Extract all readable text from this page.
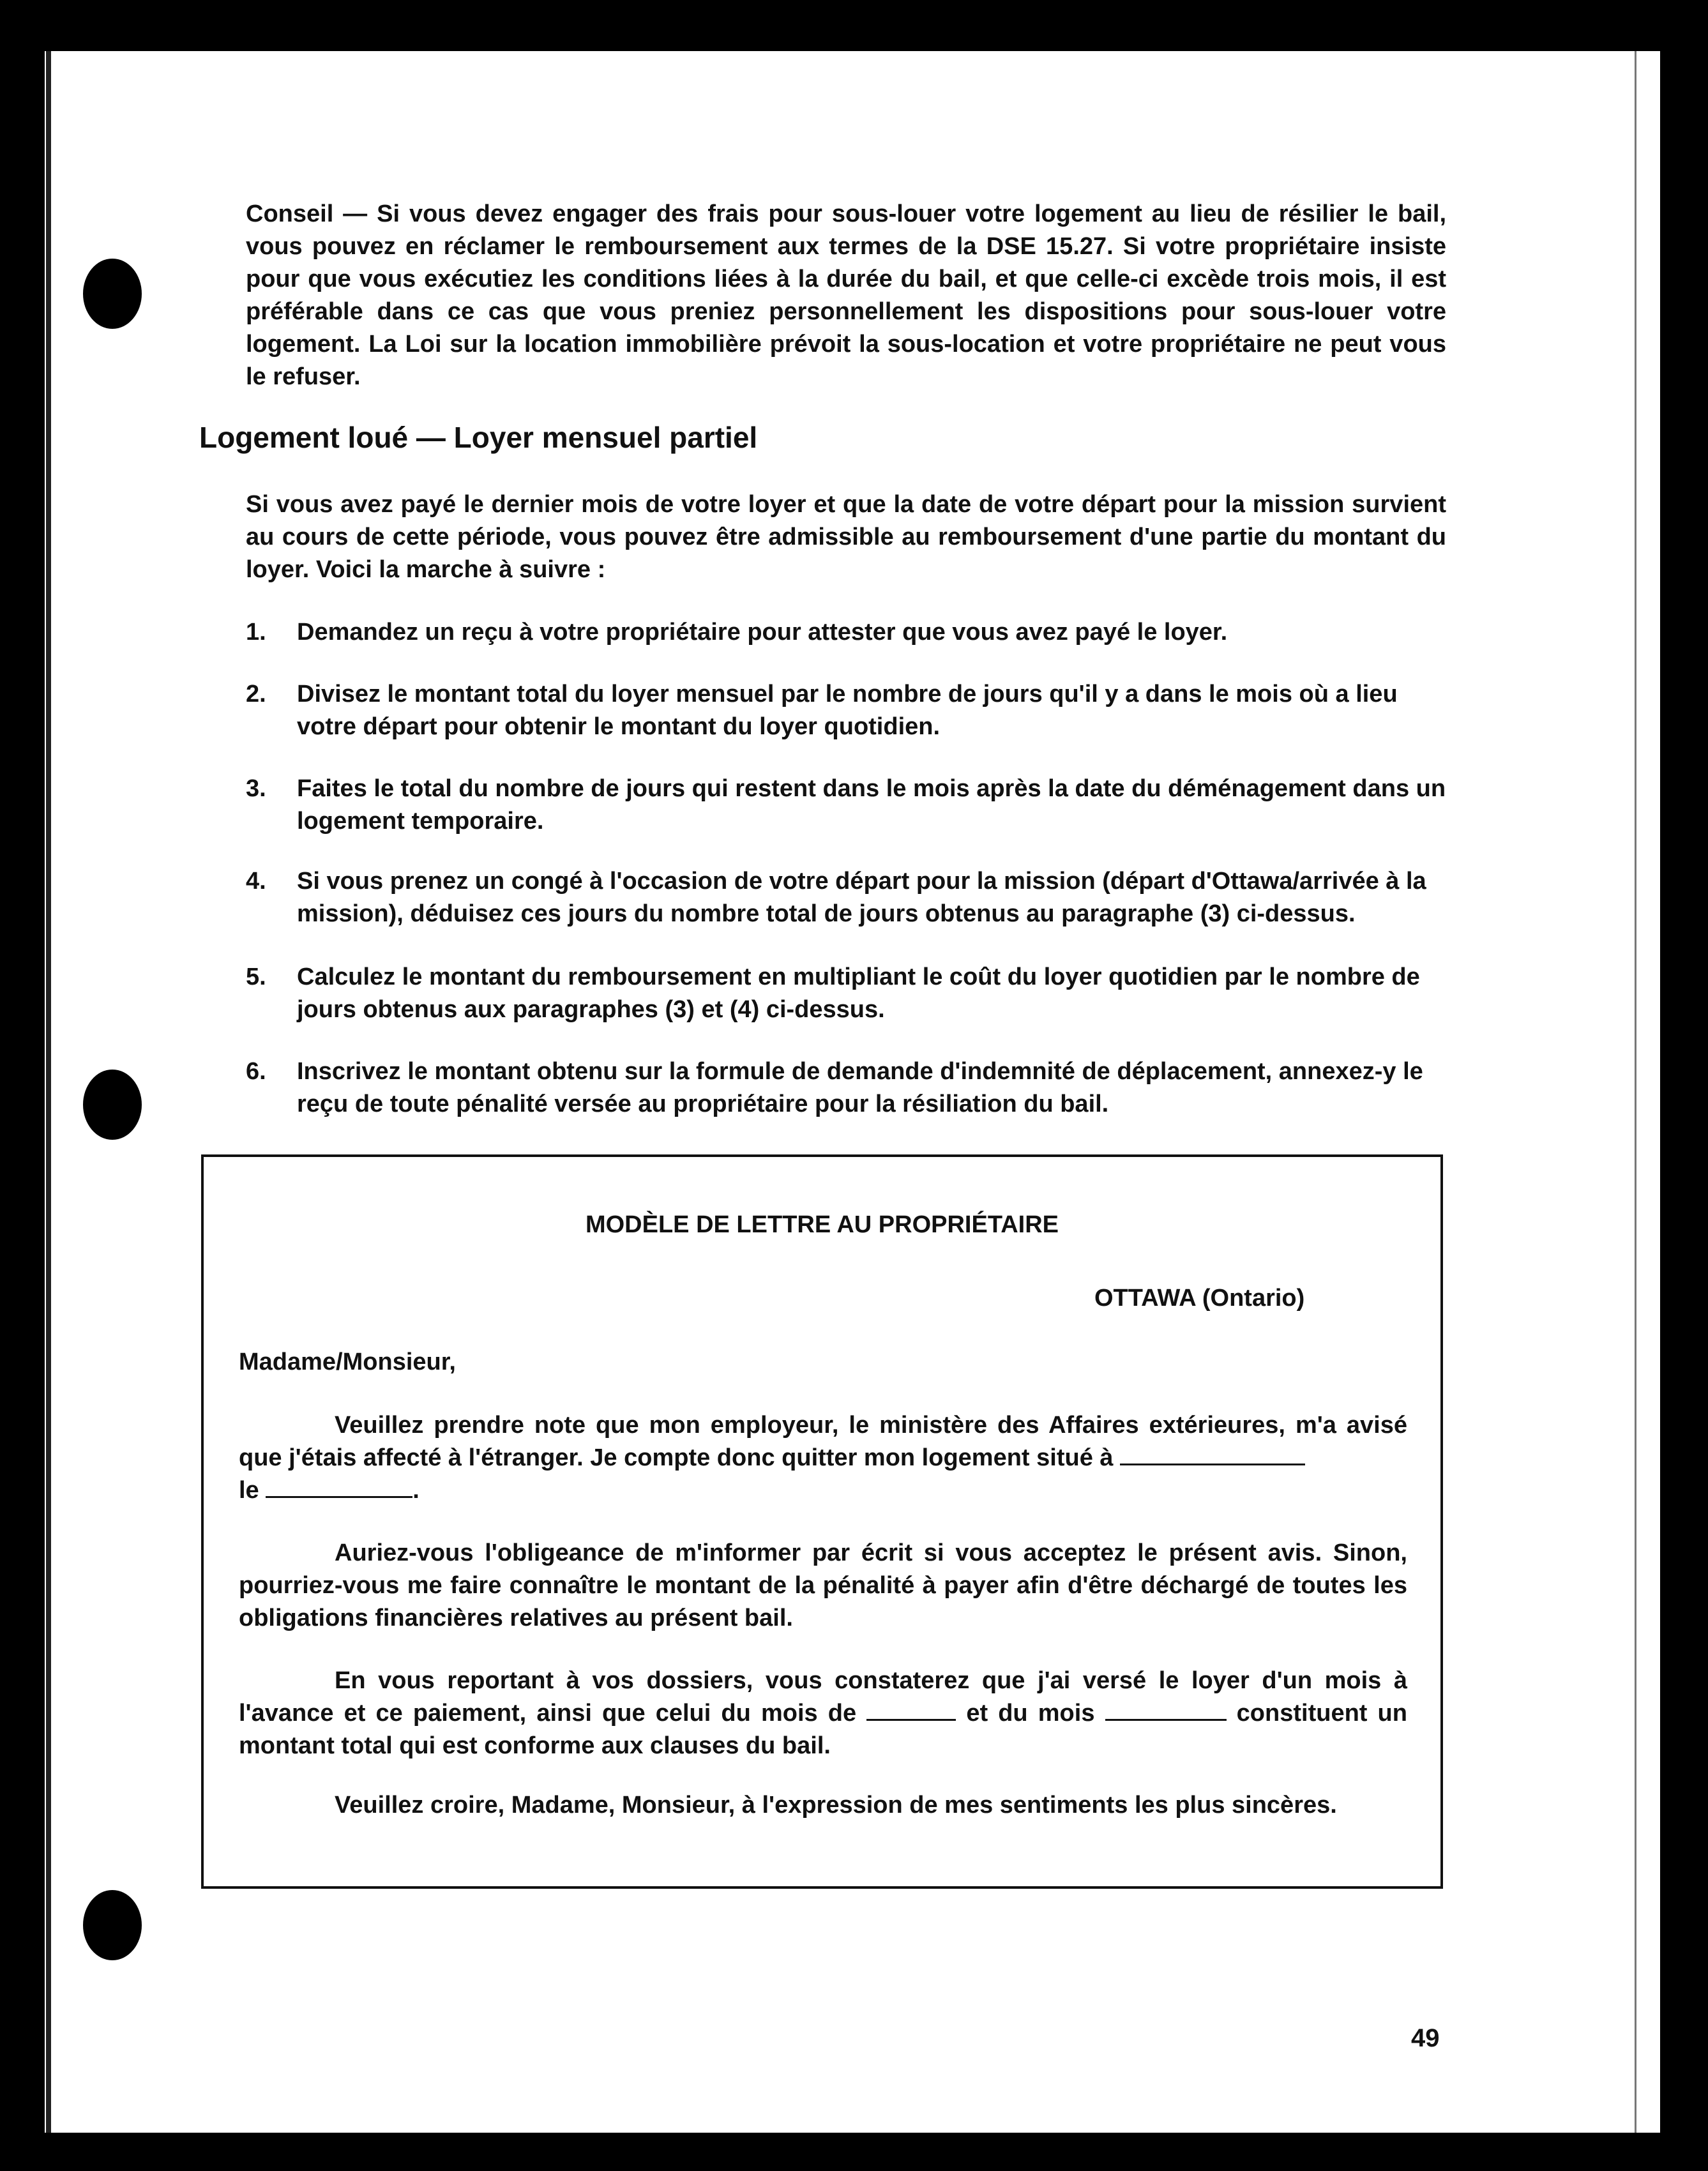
Conseil — Si vous devez engager des frais pour sous-louer votre logement au lieu de résilier le bail, vous pouvez en réclamer le remboursement aux termes de la DSE 15.27. Si votre propriétaire insiste pour que vous exécutiez les conditions liées à la durée du bail, et que celle-ci excède trois mois, il est préférable dans ce cas que vous preniez personnellement les dispositions pour sous-louer votre logement. La Loi sur la location immobilière prévoit la sous-location et votre propriétaire ne peut vous le refuser.

Logement loué — Loyer mensuel partiel

Si vous avez payé le dernier mois de votre loyer et que la date de votre départ pour la mission survient au cours de cette période, vous pouvez être admissible au remboursement d'une partie du montant du loyer. Voici la marche à suivre :

1.	Demandez un reçu à votre propriétaire pour attester que vous avez payé le loyer.
2.	Divisez le montant total du loyer mensuel par le nombre de jours qu'il y a dans le mois où a lieu votre départ pour obtenir le montant du loyer quotidien.
3.	Faites le total du nombre de jours qui restent dans le mois après la date du déménagement dans un logement temporaire.
4.	Si vous prenez un congé à l'occasion de votre départ pour la mission (départ d'Ottawa/arrivée à la mission), déduisez ces jours du nombre total de jours obtenus au paragraphe (3) ci-dessus.
5.	Calculez le montant du remboursement en multipliant le coût du loyer quotidien par le nombre de jours obtenus aux paragraphes (3) et (4) ci-dessus.
6.	Inscrivez le montant obtenu sur la formule de demande d'indemnité de déplacement, annexez-y le reçu de toute pénalité versée au propriétaire pour la résiliation du bail.

MODÈLE DE LETTRE AU PROPRIÉTAIRE

OTTAWA (Ontario)

Madame/Monsieur,

Veuillez prendre note que mon employeur, le ministère des Affaires extérieures, m'a avisé que j'étais affecté à l'étranger. Je compte donc quitter mon logement situé à
le	.

Auriez-vous l'obligeance de m'informer par écrit si vous acceptez le présent avis. Sinon, pourriez-vous me faire connaître le montant de la pénalité à payer afin d'être déchargé de toutes les obligations financières relatives au présent bail.

En vous reportant à vos dossiers, vous constaterez que j'ai versé le loyer d'un mois à l'avance et ce paiement, ainsi que celui du mois de	et du mois	constituent un montant total qui est conforme aux clauses du bail.

Veuillez croire, Madame, Monsieur, à l'expression de mes sentiments les plus sincères.

49
